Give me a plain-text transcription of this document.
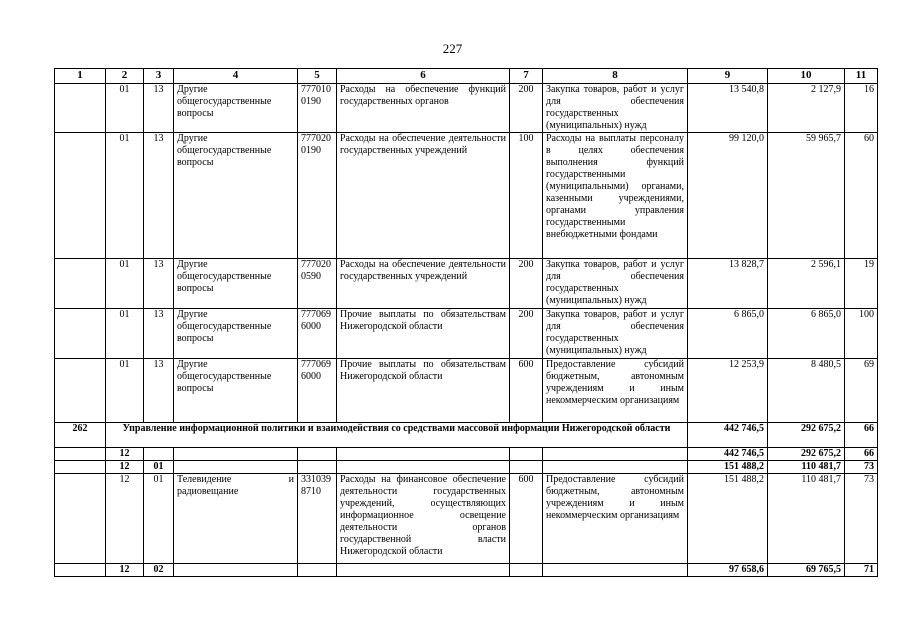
227
1	2	3	4	5	6	7	8	9	10	11
	01	13	Другие общегосударственные вопросы	777010 0190	Расходы на обеспечение функций государственных органов	200	Закупка товаров, работ и услуг для обеспечения государственных (муниципальных) нужд	13 540,8	2 127,9	16
	01	13	Другие общегосударственные вопросы	777020 0190	Расходы на обеспечение деятельности государственных учреждений	100	Расходы на выплаты персоналу в целях обеспечения выполнения функций государственными (муниципальными) органами, казенными учреждениями, органами управления государственными внебюджетными фондами	99 120,0	59 965,7	60
	01	13	Другие общегосударственные вопросы	777020 0590	Расходы на обеспечение деятельности государственных учреждений	200	Закупка товаров, работ и услуг для обеспечения государственных (муниципальных) нужд	13 828,7	2 596,1	19
	01	13	Другие общегосударственные вопросы	777069 6000	Прочие выплаты по обязательствам Нижегородской области	200	Закупка товаров, работ и услуг для обеспечения государственных (муниципальных) нужд	6 865,0	6 865,0	100
	01	13	Другие общегосударственные вопросы	777069 6000	Прочие выплаты по обязательствам Нижегородской области	600	Предоставление субсидий бюджетным, автономным учреждениям и иным некоммерческим организациям	12 253,9	8 480,5	69
262	Управление информационной политики и взаимодействия со средствами массовой информации Нижегородской области							442 746,5	292 675,2	66
	12							442 746,5	292 675,2	66
	12	01						151 488,2	110 481,7	73
	12	01	Телевидение и радиовещание	331039 8710	Расходы на финансовое обеспечение деятельности государственных учреждений, осуществляющих информационное освещение деятельности органов государственной власти Нижегородской области	600	Предоставление субсидий бюджетным, автономным учреждениям и иным некоммерческим организациям	151 488,2	110 481,7	73
	12	02						97 658,6	69 765,5	71
